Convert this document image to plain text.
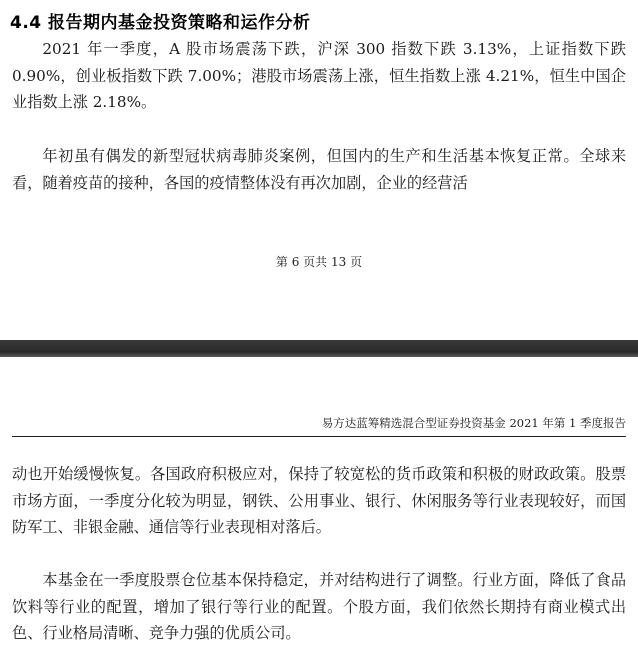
4.4 报告期内基金投资策略和运作分析

2021 年一季度，A 股市场震荡下跌，沪深 300 指数下跌 3.13%，上证指数下跌 0.90%，创业板指数下跌 7.00%；港股市场震荡上涨，恒生指数上涨 4.21%，恒生中国企业指数上涨 2.18%。

年初虽有偶发的新型冠状病毒肺炎案例，但国内的生产和生活基本恢复正常。全球来看，随着疫苗的接种，各国的疫情整体没有再次加剧，企业的经营活

第 6 页共 13 页
易方达蓝筹精选混合型证券投资基金 2021 年第 1 季度报告

动也开始缓慢恢复。各国政府积极应对，保持了较宽松的货币政策和积极的财政政策。股票市场方面，一季度分化较为明显，钢铁、公用事业、银行、休闲服务等行业表现较好，而国防军工、非银金融、通信等行业表现相对落后。

本基金在一季度股票仓位基本保持稳定，并对结构进行了调整。行业方面，降低了食品饮料等行业的配置，增加了银行等行业的配置。个股方面，我们依然长期持有商业模式出色、行业格局清晰、竞争力强的优质公司。
